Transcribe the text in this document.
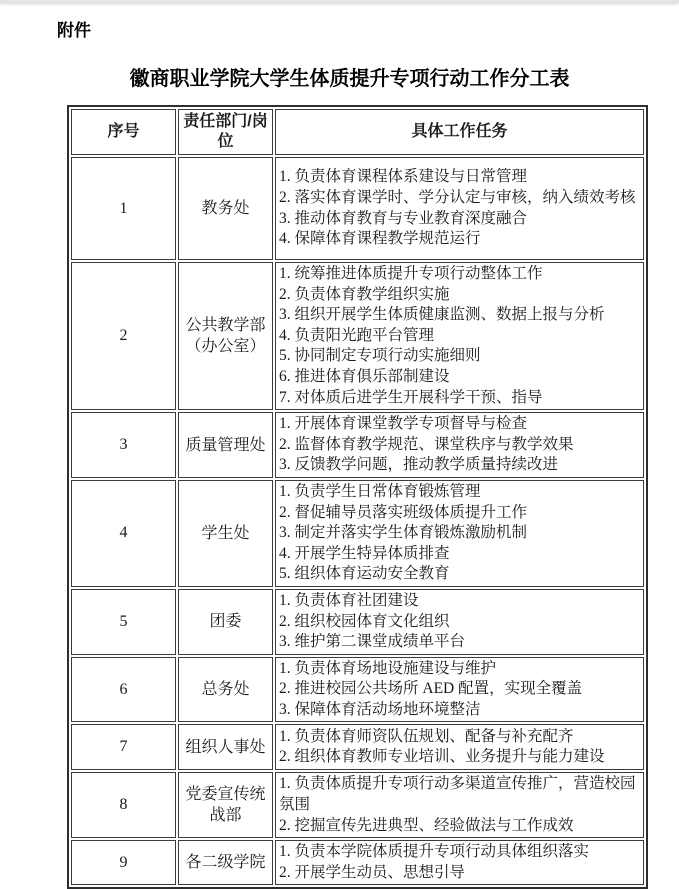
附件
徽商职业学院大学生体质提升专项行动工作分工表
序号	责任部门/岗位	具体工作任务
1	教务处	1. 负责体育课程体系建设与日常管理
2. 落实体育课学时、学分认定与审核，纳入绩效考核
3. 推动体育教育与专业教育深度融合
4. 保障体育课程教学规范运行

2	公共教学部（办公室）	
1. 统筹推进体质提升专项行动整体工作
2. 负责体育教学组织实施
3. 组织开展学生体质健康监测、数据上报与分析
4. 负责阳光跑平台管理
5. 协同制定专项行动实施细则
6. 推进体育俱乐部制建设
7. 对体质后进学生开展科学干预、指导

3	质量管理处	1. 开展体育课堂教学专项督导与检查
2. 监督体育教学规范、课堂秩序与教学效果
3. 反馈教学问题，推动教学质量持续改进

4	学生处	1. 负责学生日常体育锻炼管理
2. 督促辅导员落实班级体质提升工作
3. 制定并落实学生体育锻炼激励机制
4. 开展学生特异体质排查
5. 组织体育运动安全教育

5	团委	1. 负责体育社团建设
2. 组织校园体育文化组织
3. 维护第二课堂成绩单平台

6	总务处	1. 负责体育场地设施建设与维护
2. 推进校园公共场所 AED 配置，实现全覆盖
3. 保障体育活动场地环境整洁

7	组织人事处	1. 负责体育师资队伍规划、配备与补充配齐
2. 组织体育教师专业培训、业务提升与能力建设

8	党委宣传统战部	1. 负责体质提升专项行动多渠道宣传推广，营造校园氛围
2. 挖掘宣传先进典型、经验做法与工作成效

9	各二级学院	1. 负责本学院体质提升专项行动具体组织落实
2. 开展学生动员、思想引导
